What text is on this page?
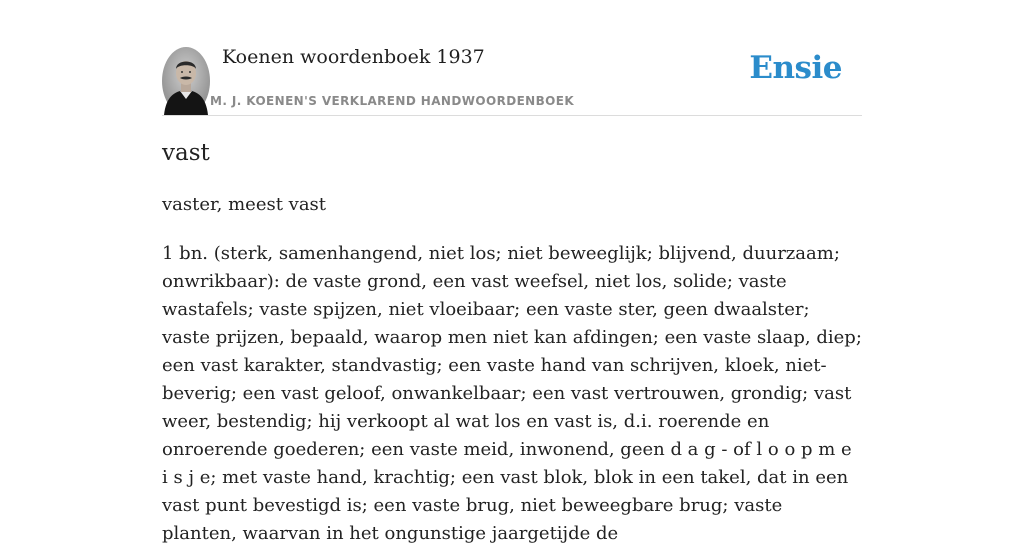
Koenen woordenboek 1937
M. J. KOENEN'S VERKLAREND HANDWOORDENBOEK
Ensie
vast
vaster, meest vast

1 bn. (sterk, samenhangend, niet los; niet beweeglijk; blijvend, duurzaam; onwrikbaar): de vaste grond, een vast weefsel, niet los, solide; vaste wastafels; vaste spijzen, niet vloeibaar; een vaste ster, geen dwaalster; vaste prijzen, bepaald, waarop men niet kan afdingen; een vaste slaap, diep; een vast karakter, standvastig; een vaste hand van schrijven, kloek, niet-beverig; een vast geloof, onwankelbaar; een vast vertrouwen, grondig; vast weer, bestendig; hij verkoopt al wat los en vast is, d.i. roerende en onroerende goederen; een vaste meid, inwonend, geen d a g - of l o o p m e i s j e; met vaste hand, krachtig; een vast blok, blok in een takel, dat in een vast punt bevestigd is; een vaste brug, niet beweegbare brug; vaste planten, waarvan in het ongunstige jaargetijde de
